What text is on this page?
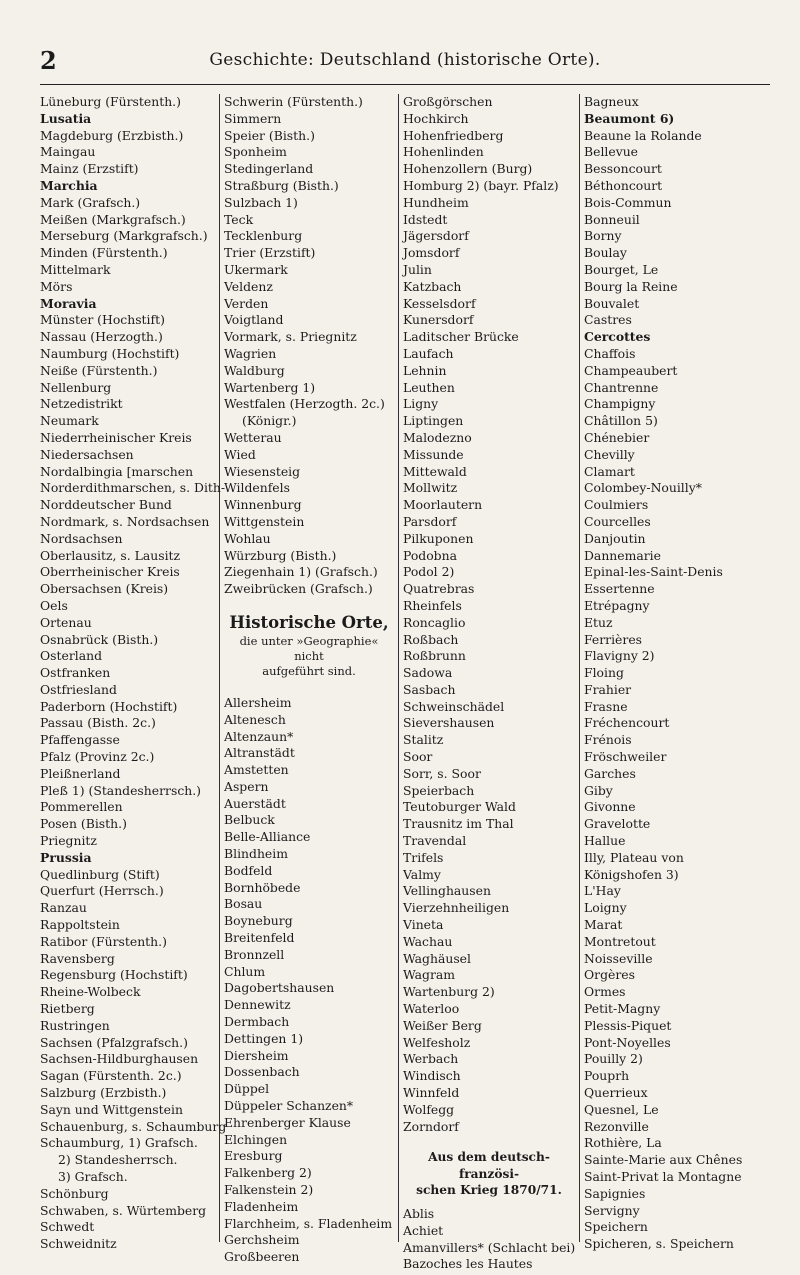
2	Geschichte: Deutschland (historische Orte).
Lüneburg (Fürstenth.)
Lusatia
Magdeburg (Erzbisth.)
Maingau
Mainz (Erzstift)
Marchia
Mark (Grafsch.)
Meißen (Markgrafsch.)
Merseburg (Markgrafsch.)
Minden (Fürstenth.)
Mittelmark
Mörs
Moravia
Münster (Hochstift)
Nassau (Herzogth.)
Naumburg (Hochstift)
Neiße (Fürstenth.)
Nellenburg
Netzedistrikt
Neumark
Niederrheinischer Kreis
Niedersachsen
Nordalbingia [marschen
Norderdithmarschen, s. Dith-
Norddeutscher Bund
Nordmark, s. Nordsachsen
Nordsachsen
Oberlausitz, s. Lausitz
Oberrheinischer Kreis
Obersachsen (Kreis)
Oels
Ortenau
Osnabrück (Bisth.)
Osterland
Ostfranken
Ostfriesland
Paderborn (Hochstift)
Passau (Bisth. 2c.)
Pfaffengasse
Pfalz (Provinz 2c.)
Pleißnerland
Pleß 1) (Standesherrsch.)
Pommerellen
Posen (Bisth.)
Priegnitz
Prussia
Quedlinburg (Stift)
Querfurt (Herrsch.)
Ranzau
Rappoltstein
Ratibor (Fürstenth.)
Ravensberg
Regensburg (Hochstift)
Rheine-Wolbeck
Rietberg
Rustringen
Sachsen (Pfalzgrafsch.)
Sachsen-Hildburghausen
Sagan (Fürstenth. 2c.)
Salzburg (Erzbisth.)
Sayn und Wittgenstein
Schauenburg, s. Schaumburg
Schaumburg, 1) Grafsch.
2) Standesherrsch.
3) Grafsch.
Schönburg
Schwaben, s. Würtemberg
Schwedt
Schweidnitz
Schwerin (Fürstenth.)
Simmern
Speier (Bisth.)
Sponheim
Stedingerland
Straßburg (Bisth.)
Sulzbach 1)
Teck
Tecklenburg
Trier (Erzstift)
Ukermark
Veldenz
Verden
Voigtland
Vormark, s. Priegnitz
Wagrien
Waldburg
Wartenberg 1)
Westfalen (Herzogth. 2c.)
(Königr.)
Wetterau
Wied
Wiesensteig
Wildenfels
Winnenburg
Wittgenstein
Wohlau
Würzburg (Bisth.)
Ziegenhain 1) (Grafsch.)
Zweibrücken (Grafsch.)
Historische Orte,
die unter »Geographie« nicht
aufgeführt sind.
Allersheim
Altenesch
Altenzaun*
Altranstädt
Amstetten
Aspern
Auerstädt
Belbuck
Belle-Alliance
Blindheim
Bodfeld
Bornhöbede
Bosau
Boyneburg
Breitenfeld
Bronnzell
Chlum
Dagobertshausen
Dennewitz
Dermbach
Dettingen 1)
Diersheim
Dossenbach
Düppel
Düppeler Schanzen*
Ehrenberger Klause
Elchingen
Eresburg
Falkenberg 2)
Falkenstein 2)
Fladenheim
Flarchheim, s. Fladenheim
Gerchsheim
Großbeeren
Großgörschen
Hochkirch
Hohenfriedberg
Hohenlinden
Hohenzollern (Burg)
Homburg 2) (bayr. Pfalz)
Hundheim
Idstedt
Jägersdorf
Jomsdorf
Julin
Katzbach
Kesselsdorf
Kunersdorf
Laditscher Brücke
Laufach
Lehnin
Leuthen
Ligny
Liptingen
Malodezno
Missunde
Mittewald
Mollwitz
Moorlautern
Parsdorf
Pilkuponen
Podobna
Podol 2)
Quatrebras
Rheinfels
Roncaglio
Roßbach
Roßbrunn
Sadowa
Sasbach
Schweinschädel
Sievershausen
Stalitz
Soor
Sorr, s. Soor
Speierbach
Teutoburger Wald
Trausnitz im Thal
Travendal
Trifels
Valmy
Vellinghausen
Vierzehnheiligen
Vineta
Wachau
Waghäusel
Wagram
Wartenburg 2)
Waterloo
Weißer Berg
Welfesholz
Werbach
Windisch
Winnfeld
Wolfegg
Zorndorf
Aus dem deutsch-französi-
schen Krieg 1870/71.
Ablis
Achiet
Amanvillers* (Schlacht bei)
Bazoches les Hautes
Bagneux
Beaumont 6)
Beaune la Rolande
Bellevue
Bessoncourt
Béthoncourt
Bois-Commun
Bonneuil
Borny
Boulay
Bourget, Le
Bourg la Reine
Bouvalet
Castres
Cercottes
Chaffois
Champeaubert
Chantrenne
Champigny
Châtillon 5)
Chénebier
Chevilly
Clamart
Colombey-Nouilly*
Coulmiers
Courcelles
Danjoutin
Dannemarie
Epinal-les-Saint-Denis
Essertenne
Etrépagny
Etuz
Ferrières
Flavigny 2)
Floing
Frahier
Frasne
Fréchencourt
Frénois
Fröschweiler
Garches
Giby
Givonne
Gravelotte
Hallue
Illy, Plateau von
Königshofen 3)
L'Hay
Loigny
Marat
Montretout
Noisseville
Orgères
Ormes
Petit-Magny
Plessis-Piquet
Pont-Noyelles
Pouilly 2)
Pouprh
Querrieux
Quesnel, Le
Rezonville
Rothière, La
Sainte-Marie aux Chênes
Saint-Privat la Montagne
Sapignies
Servigny
Speichern
Spicheren, s. Speichern
